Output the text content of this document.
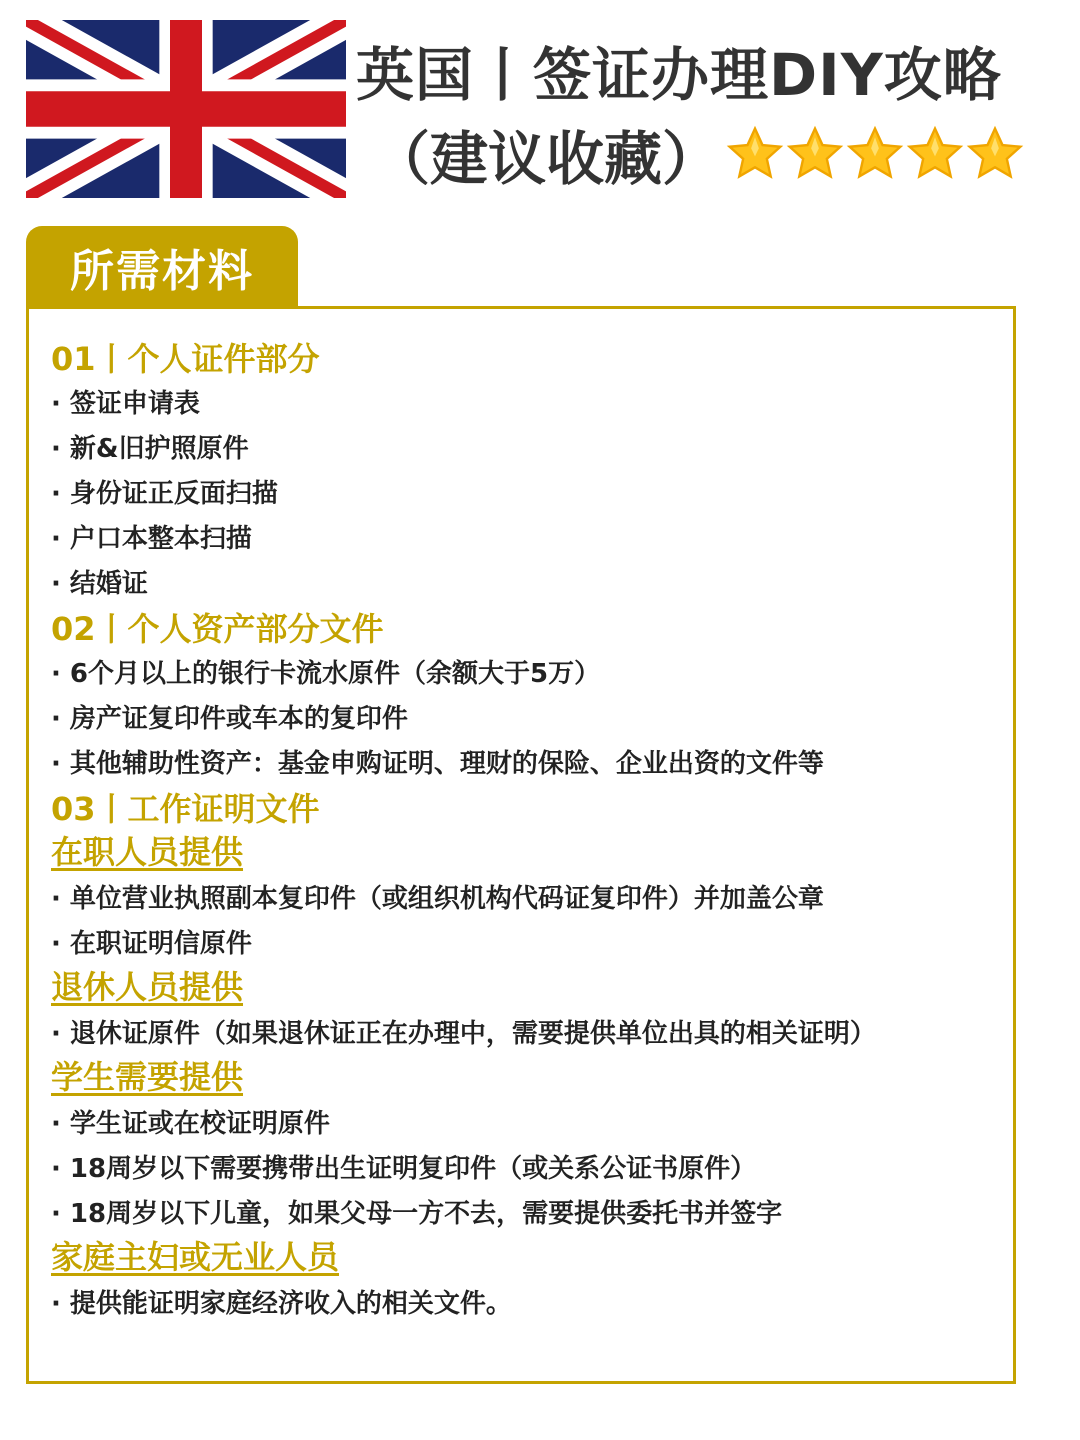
英国丨签证办理DIY攻略
（建议收藏）
所需材料
01丨个人证件部分
· 签证申请表
· 新&旧护照原件
· 身份证正反面扫描
· 户口本整本扫描
· 结婚证
02丨个人资产部分文件
· 6个月以上的银行卡流水原件（余额大于5万）
· 房产证复印件或车本的复印件
· 其他辅助性资产：基金申购证明、理财的保险、企业出资的文件等
03丨工作证明文件
在职人员提供
· 单位营业执照副本复印件（或组织机构代码证复印件）并加盖公章
· 在职证明信原件
退休人员提供
· 退休证原件（如果退休证正在办理中，需要提供单位出具的相关证明）
学生需要提供
· 学生证或在校证明原件
· 18周岁以下需要携带出生证明复印件（或关系公证书原件）
· 18周岁以下儿童，如果父母一方不去，需要提供委托书并签字
家庭主妇或无业人员
· 提供能证明家庭经济收入的相关文件。
